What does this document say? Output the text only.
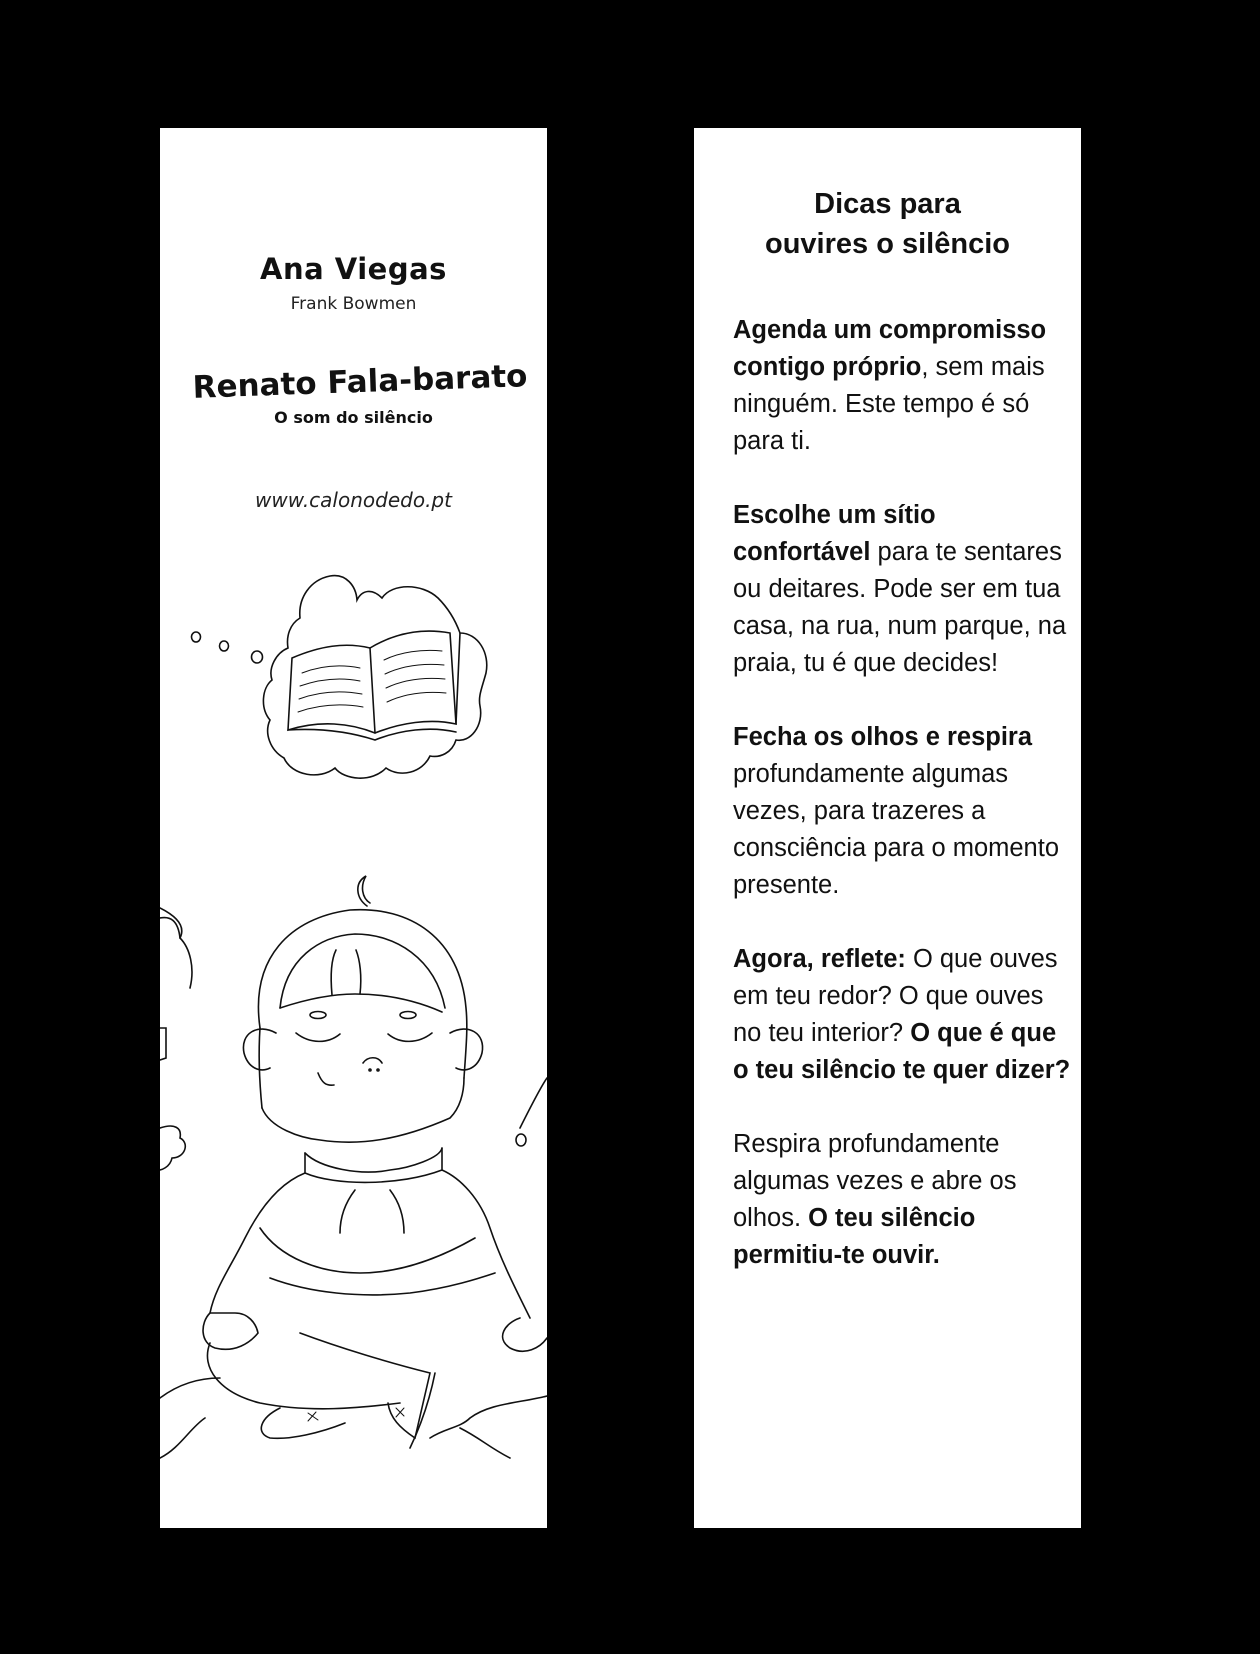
Ana Viegas
Frank Bowmen
Renato Fala-barato
O som do silêncio
www.calonodedo.pt
Dicas para
ouvires o silêncio

Agenda um compromisso contigo próprio, sem mais ninguém. Este tempo é só para ti.

Escolhe um sítio confortável para te sentares ou deitares. Pode ser em tua casa, na rua, num parque, na praia, tu é que decides!

Fecha os olhos e respira profundamente algumas vezes, para trazeres a consciência para o momento presente.

Agora, reflete: O que ouves em teu redor? O que ouves no teu interior? O que é que o teu silêncio te quer dizer?

Respira profundamente algumas vezes e abre os olhos. O teu silêncio permitiu-te ouvir.
